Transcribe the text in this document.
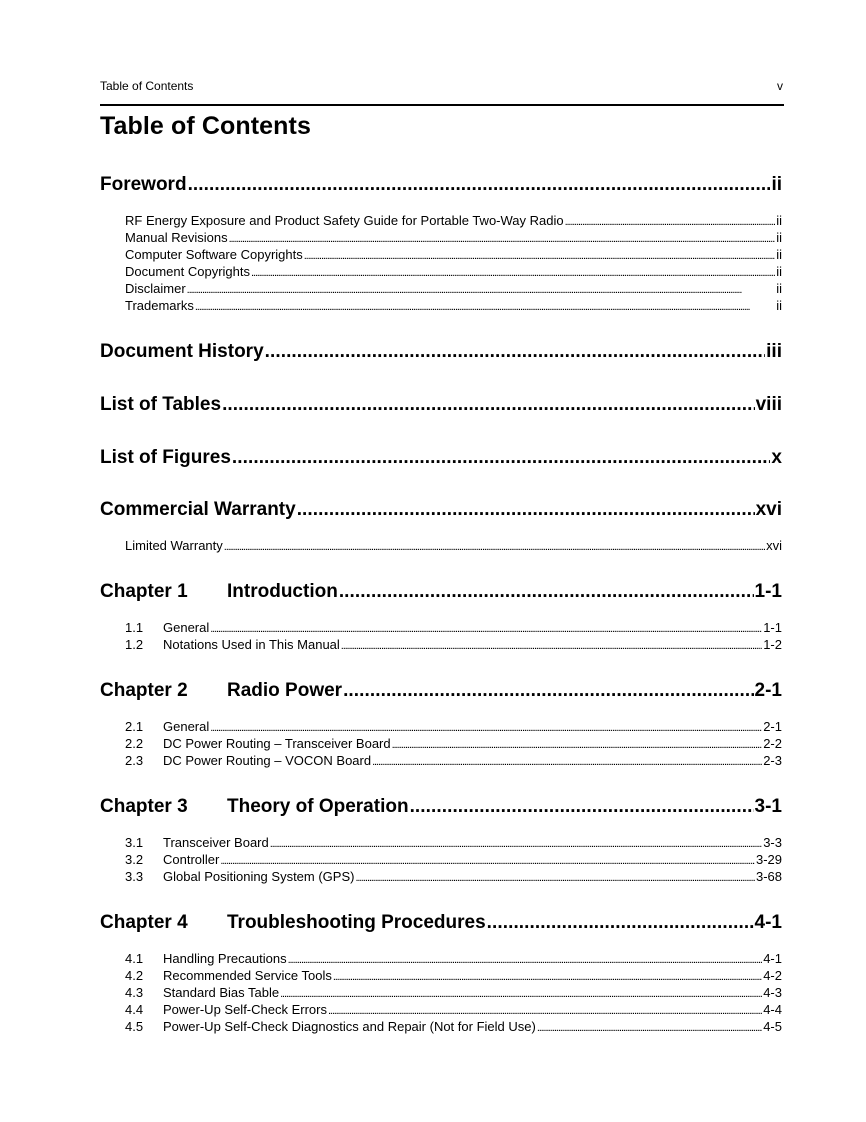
Table of Contents	v
Table of Contents
Foreword . . .	ii
RF Energy Exposure and Product Safety Guide for Portable Two-Way Radio . . .	ii
Manual Revisions . . .	ii
Computer Software Copyrights . . .	ii
Document Copyrights . . .	ii
Disclaimer . . .	ii
Trademarks . . .	ii
Document History . . .	iii
List of Tables . . .	viii
List of Figures . . .	x
Commercial Warranty . . .	xvi
Limited Warranty . . .	xvi
Chapter 1 Introduction . . .	1-1
1.1 General . . .	1-1
1.2 Notations Used in This Manual . . .	1-2
Chapter 2 Radio Power . . .	2-1
2.1 General . . .	2-1
2.2 DC Power Routing – Transceiver Board . . .	2-2
2.3 DC Power Routing – VOCON Board . . .	2-3
Chapter 3 Theory of Operation . . .	3-1
3.1 Transceiver Board . . .	3-3
3.2 Controller . . .	3-29
3.3 Global Positioning System (GPS) . . .	3-68
Chapter 4 Troubleshooting Procedures . . .	4-1
4.1 Handling Precautions . . .	4-1
4.2 Recommended Service Tools . . .	4-2
4.3 Standard Bias Table . . .	4-3
4.4 Power-Up Self-Check Errors . . .	4-4
4.5 Power-Up Self-Check Diagnostics and Repair (Not for Field Use) . . .	4-5
